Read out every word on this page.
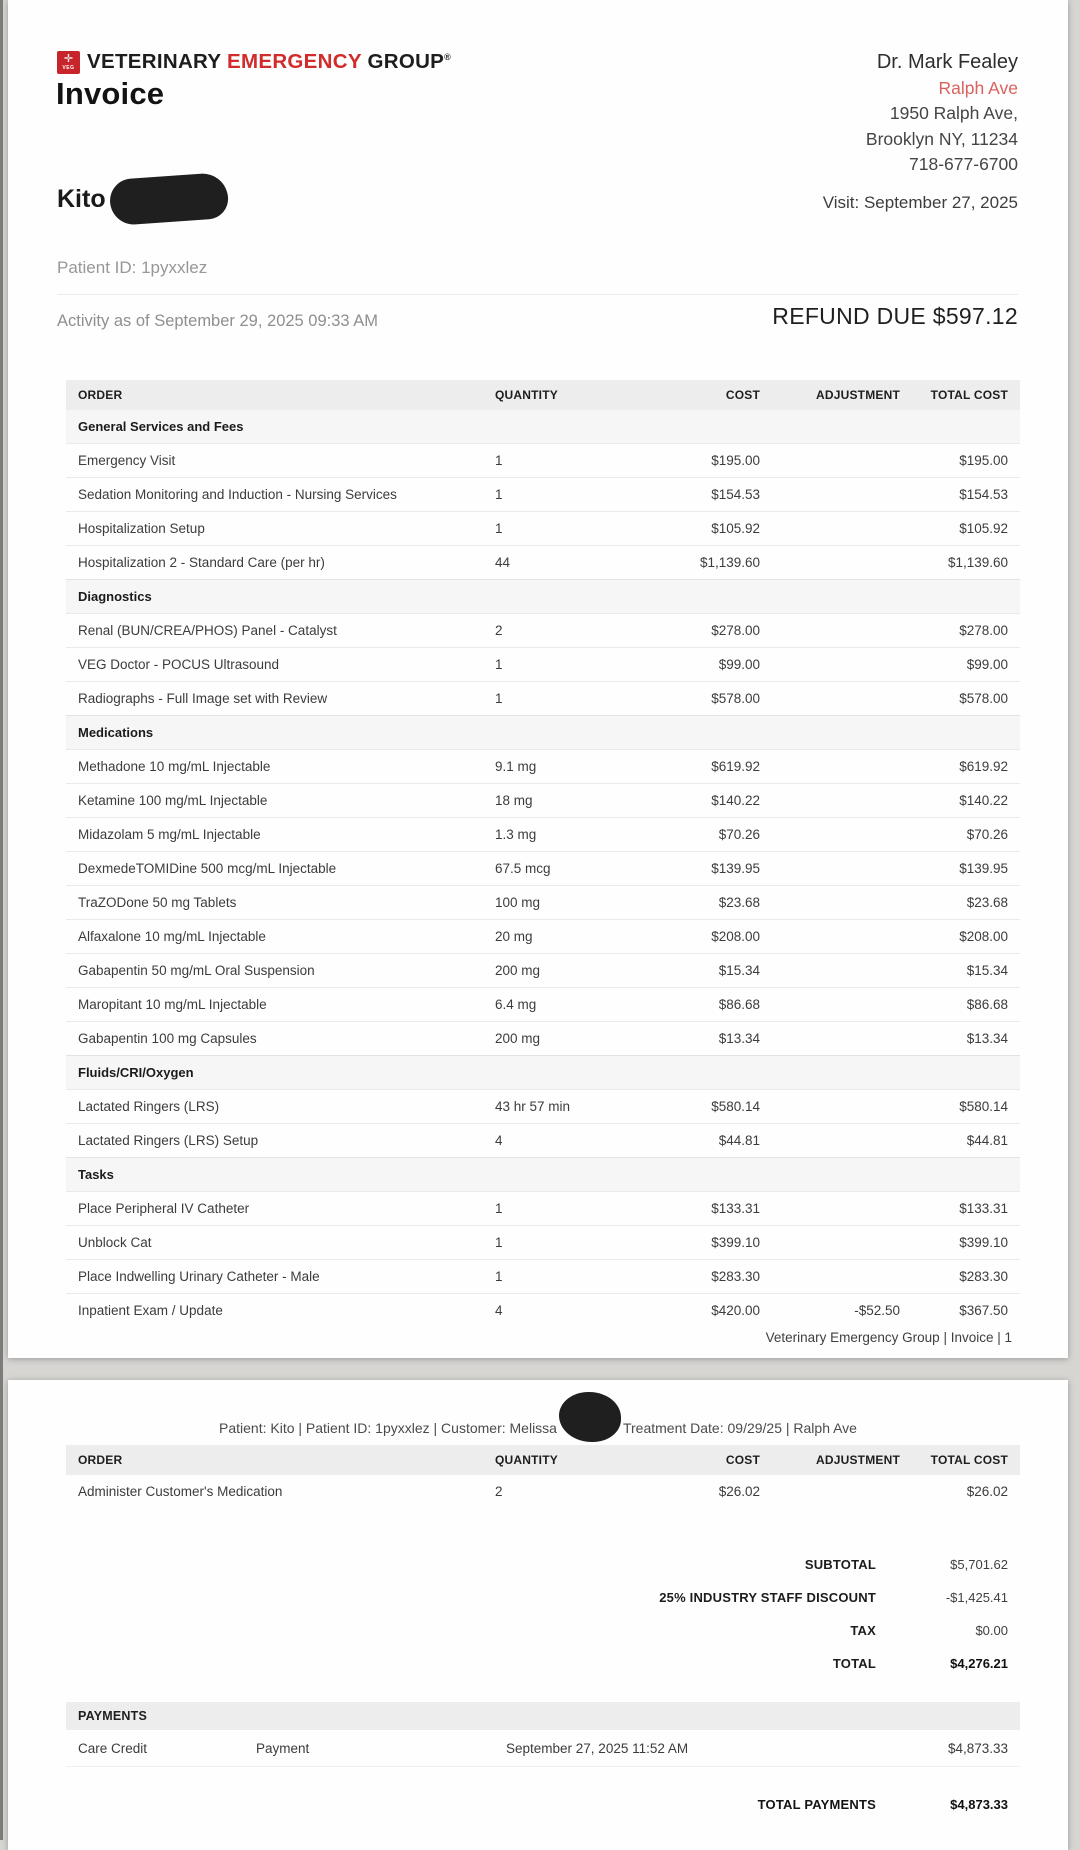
✛
VEG VETERINARY EMERGENCY GROUP®
Invoice
Dr. Mark Fealey
Ralph Ave
1950 Ralph Ave,
Brooklyn NY, 11234
718-677-6700
Kito
Patient ID: 1pyxxlez
Visit: September 27, 2025
Activity as of September 29, 2025 09:33 AM	REFUND DUE $597.12
ORDER	QUANTITY	COST	ADJUSTMENT	TOTAL COST
General Services and Fees				
Emergency Visit	1	$195.00		$195.00
Sedation Monitoring and Induction - Nursing Services	1	$154.53		$154.53
Hospitalization Setup	1	$105.92		$105.92
Hospitalization 2 - Standard Care (per hr)	44	$1,139.60		$1,139.60
Diagnostics				
Renal (BUN/CREA/PHOS) Panel - Catalyst	2	$278.00		$278.00
VEG Doctor - POCUS Ultrasound	1	$99.00		$99.00
Radiographs - Full Image set with Review	1	$578.00		$578.00
Medications				
Methadone 10 mg/mL Injectable	9.1 mg	$619.92		$619.92
Ketamine 100 mg/mL Injectable	18 mg	$140.22		$140.22
Midazolam 5 mg/mL Injectable	1.3 mg	$70.26		$70.26
DexmedeTOMIDine 500 mcg/mL Injectable	67.5 mcg	$139.95		$139.95
TraZODone 50 mg Tablets	100 mg	$23.68		$23.68
Alfaxalone 10 mg/mL Injectable	20 mg	$208.00		$208.00
Gabapentin 50 mg/mL Oral Suspension	200 mg	$15.34		$15.34
Maropitant 10 mg/mL Injectable	6.4 mg	$86.68		$86.68
Gabapentin 100 mg Capsules	200 mg	$13.34		$13.34
Fluids/CRI/Oxygen				
Lactated Ringers (LRS)	43 hr 57 min	$580.14		$580.14
Lactated Ringers (LRS) Setup	4	$44.81		$44.81
Tasks				
Place Peripheral IV Catheter	1	$133.31		$133.31
Unblock Cat	1	$399.10		$399.10
Place Indwelling Urinary Catheter - Male	1	$283.30		$283.30
Inpatient Exam / Update	4	$420.00	-$52.50	$367.50
Veterinary Emergency Group | Invoice | 1
Patient: Kito | Patient ID: 1pyxxlez | Customer: Melissa	Treatment Date: 09/29/25 | Ralph Ave
ORDER	QUANTITY	COST	ADJUSTMENT	TOTAL COST
Administer Customer's Medication	2	$26.02		$26.02
SUBTOTAL	$5,701.62
25% INDUSTRY STAFF DISCOUNT	-$1,425.41
TAX	$0.00
TOTAL	$4,276.21
PAYMENTS
Care Credit	Payment	September 27, 2025 11:52 AM	$4,873.33
TOTAL PAYMENTS	$4,873.33
